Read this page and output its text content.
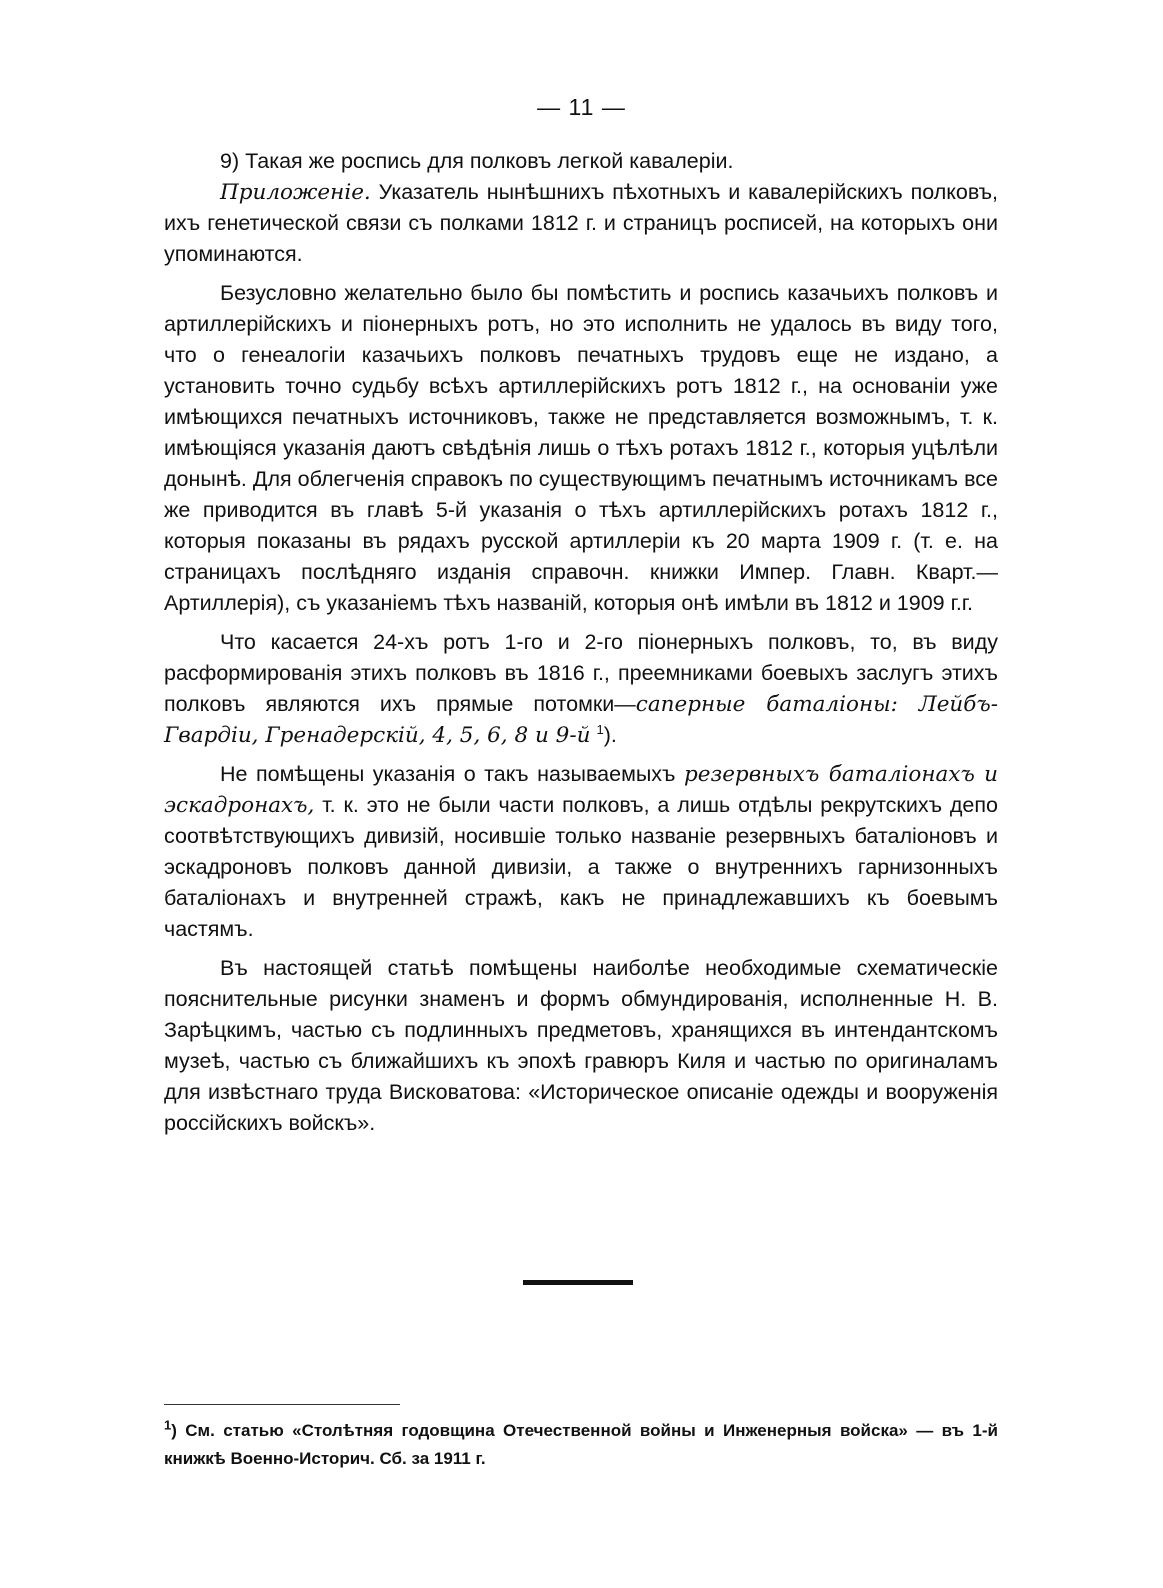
— 11 —

9) Такая же роспись для полковъ легкой кавалеріи.

Приложеніе. Указатель нынѣшнихъ пѣхотныхъ и кавалерійскихъ полковъ, ихъ генетической связи съ полками 1812 г. и страницъ росписей, на которыхъ они упоминаются.

Безусловно желательно было бы помѣстить и роспись казачьихъ полковъ и артиллерійскихъ и піонерныхъ ротъ, но это исполнить не удалось въ виду того, что о генеалогіи казачьихъ полковъ печатныхъ трудовъ еще не издано, а установить точно судьбу всѣхъ артиллерійскихъ ротъ 1812 г., на основаніи уже имѣющихся печатныхъ источниковъ, также не представляется возможнымъ, т. к. имѣющіяся указанія даютъ свѣдѣнія лишь о тѣхъ ротахъ 1812 г., которыя уцѣлѣли донынѣ. Для облегченія справокъ по существующимъ печатнымъ источникамъ все же приводится въ главѣ 5-й указанія о тѣхъ артиллерійскихъ ротахъ 1812 г., которыя показаны въ рядахъ русской артиллеріи къ 20 марта 1909 г. (т. е. на страницахъ послѣдняго изданія справочн. книжки Импер. Главн. Кварт.—Артиллерія), съ указаніемъ тѣхъ названій, которыя онѣ имѣли въ 1812 и 1909 г.г.

Что касается 24-хъ ротъ 1-го и 2-го піонерныхъ полковъ, то, въ виду расформированія этихъ полковъ въ 1816 г., преемниками боевыхъ заслугъ этихъ полковъ являются ихъ прямые потомки—саперные баталіоны: Лейбъ-Гвардіи, Гренадерскій, 4, 5, 6, 8 и 9-й $^1$).

Не помѣщены указанія о такъ называемыхъ резервныхъ баталіонахъ и эскадронахъ, т. к. это не были части полковъ, а лишь отдѣлы рекрутскихъ депо соотвѣтствующихъ дивизій, носившіе только названіе резервныхъ баталіоновъ и эскадроновъ полковъ данной дивизіи, а также о внутреннихъ гарнизонныхъ баталіонахъ и внутренней стражѣ, какъ не принадлежавшихъ къ боевымъ частямъ.

Въ настоящей статьѣ помѣщены наиболѣе необходимые схематическіе пояснительные рисунки знаменъ и формъ обмундированія, исполненные Н. В. Зарѣцкимъ, частью съ подлинныхъ предметовъ, хранящихся въ интендантскомъ музеѣ, частью съ ближайшихъ къ эпохѣ гравюръ Киля и частью по оригиналамъ для извѣстнаго труда Висковатова: «Историческое описаніе одежды и вооруженія россійскихъ войскъ».

$^1$) См. статью «Столѣтняя годовщина Отечественной войны и Инженерныя войска» — въ 1-й книжкѣ Военно-Историч. Сб. за 1911 г.
